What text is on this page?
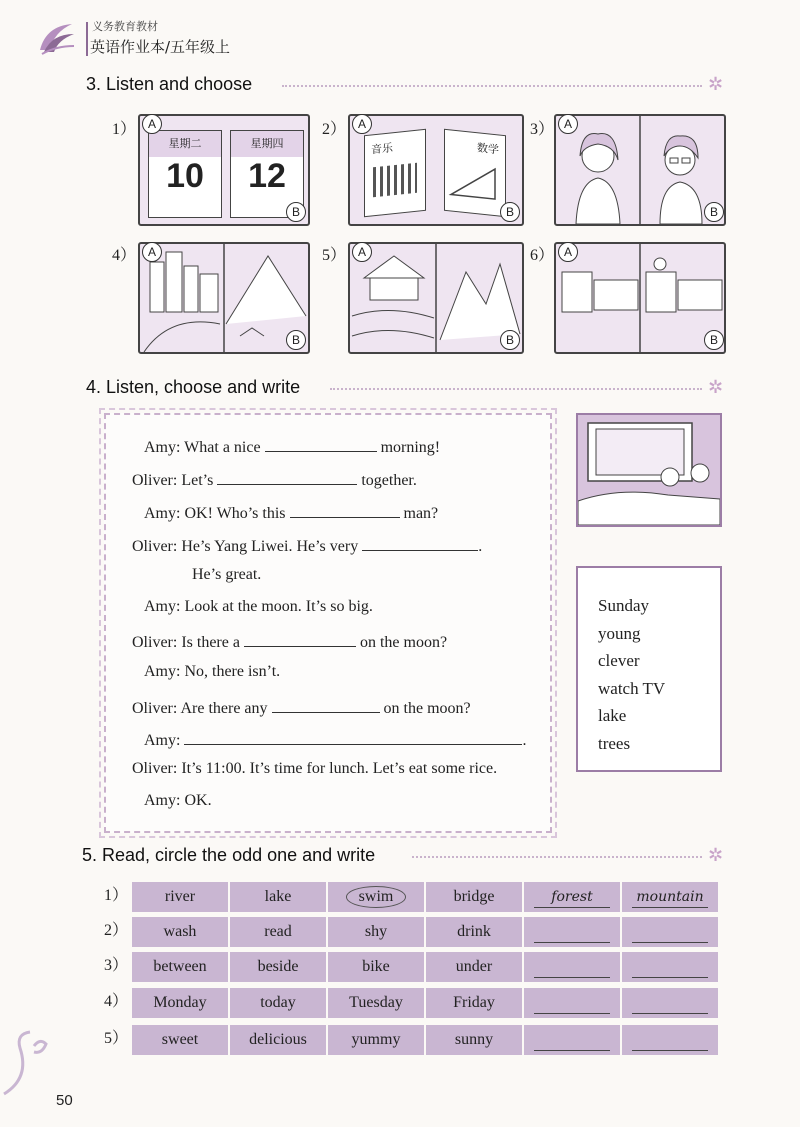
义务教育教材
英语作业本/五年级上
3. Listen and choose	✲
1）
星期二
10
星期四
12
A
B
2）
音乐	数学
A
B
3） A
B
4） A
B
5） A
B
6） A
B
4. Listen, choose and write	✲
Amy: What a nice	morning!
Oliver: Let’s	together.
Amy: OK! Who’s this	man?
Oliver: He’s Yang Liwei. He’s very	.
He’s great.
Amy: Look at the moon. It’s so big.
Oliver: Is there a	on the moon?
Amy: No, there isn’t.
Oliver: Are there any	on the moon?
Amy:	.
Oliver: It’s 11:00. It’s time for lunch. Let’s eat some rice.
Amy: OK.
Sunday
young
clever
watch TV
lake
trees
5. Read, circle the odd one and write	✲
1）	river	lake	swim	bridge	forest	mountain
2）	wash	read	shy	drink
3）	between	beside	bike	under
4）	Monday	today	Tuesday	Friday
5）	sweet	delicious	yummy	sunny
50
